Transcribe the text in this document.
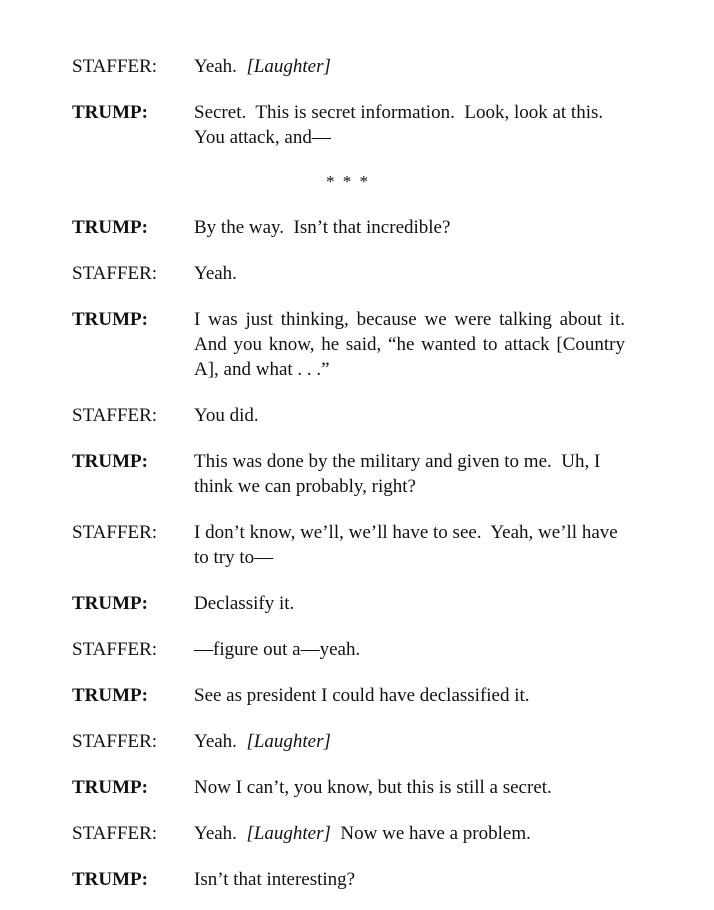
STAFFER:	Yeah.  [Laughter]
TRUMP:	Secret.  This is secret information.  Look, look at this.  You attack, and—
* * *
TRUMP:	By the way.  Isn’t that incredible?
STAFFER:	Yeah.
TRUMP:	I was just thinking, because we were talking about it.  And you know, he said, “he wanted to attack [Country A], and what . . .”
STAFFER:	You did.
TRUMP:	This was done by the military and given to me.  Uh, I think we can probably, right?
STAFFER:	I don’t know, we’ll, we’ll have to see.  Yeah, we’ll have to try to—
TRUMP:	Declassify it.
STAFFER:	—figure out a—yeah.
TRUMP:	See as president I could have declassified it.
STAFFER:	Yeah.  [Laughter]
TRUMP:	Now I can’t, you know, but this is still a secret.
STAFFER:	Yeah.  [Laughter]  Now we have a problem.
TRUMP:	Isn’t that interesting?
